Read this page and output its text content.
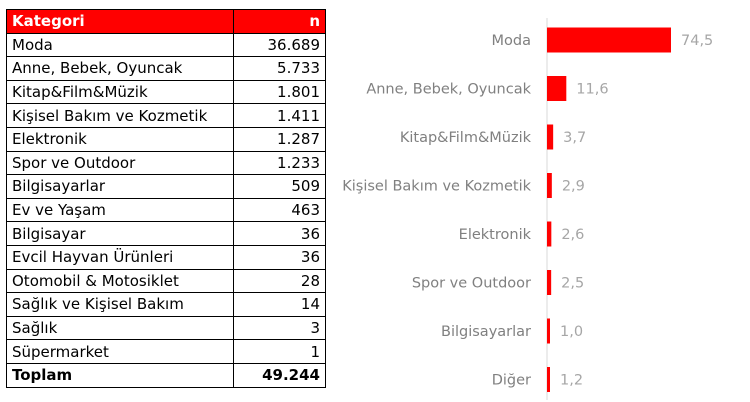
Kategori	n
Moda	36.689
Anne, Bebek, Oyuncak	5.733
Kitap&Film&Müzik	1.801
Kişisel Bakım ve Kozmetik	1.411
Elektronik	1.287
Spor ve Outdoor	1.233
Bilgisayarlar	509
Ev ve Yaşam	463
Bilgisayar	36
Evcil Hayvan Ürünleri	36
Otomobil & Motosiklet	28
Sağlık ve Kişisel Bakım	14
Sağlık	3
Süpermarket	1
Toplam	49.244
Moda	74,5
Anne, Bebek, Oyuncak	11,6
Kitap&Film&Müzik 3,7
Kişisel Bakım ve Kozmetik 2,9
Elektronik 2,6
Spor ve Outdoor 2,5
Bilgisayarlar 1,0
Diğer 1,2
